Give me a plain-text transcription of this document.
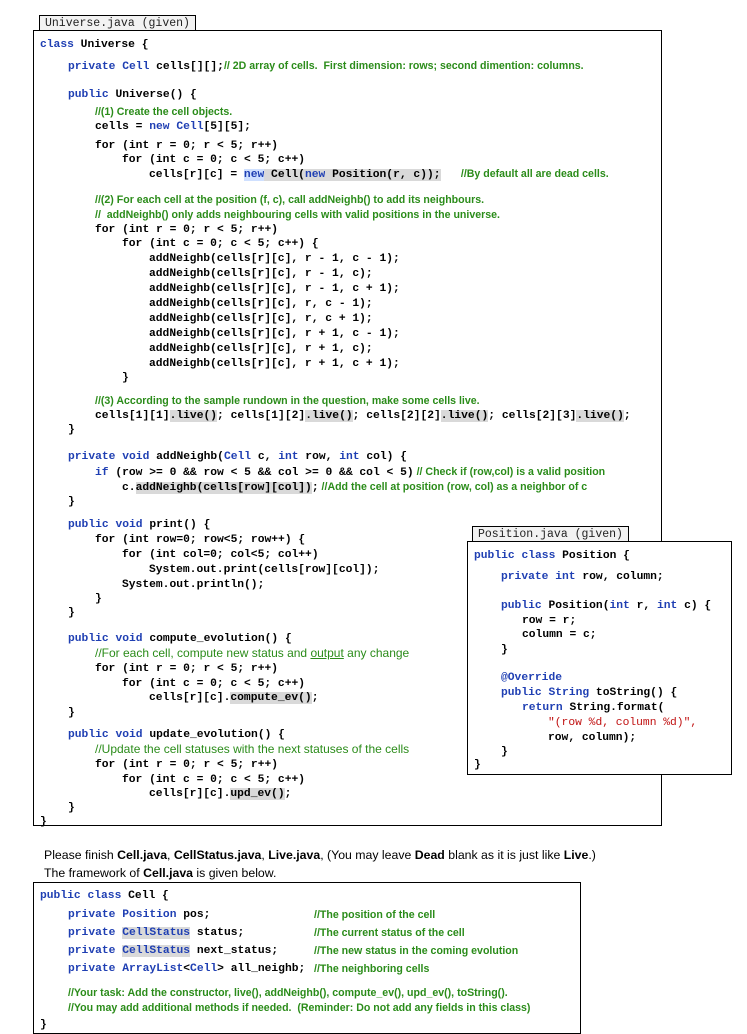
Universe.java (given)
class Universe {
private Cell cells[][];// 2D array of cells.  First dimension: rows; second dimention: columns.
public Universe() {
//(1) Create the cell objects.
cells = new Cell[5][5];
for (int r = 0; r < 5; r++)
for (int c = 0; c < 5; c++)
cells[r][c] = new Cell(new Position(r, c)); //By default all are dead cells.
//(2) For each cell at the position (f, c), call addNeighb() to add its neighbours.
//  addNeighb() only adds neighbouring cells with valid positions in the universe.
for (int r = 0; r < 5; r++)
for (int c = 0; c < 5; c++) {
addNeighb(cells[r][c], r - 1, c - 1);
addNeighb(cells[r][c], r - 1, c);
addNeighb(cells[r][c], r - 1, c + 1);
addNeighb(cells[r][c], r, c - 1);
addNeighb(cells[r][c], r, c + 1);
addNeighb(cells[r][c], r + 1, c - 1);
addNeighb(cells[r][c], r + 1, c);
addNeighb(cells[r][c], r + 1, c + 1);
}
//(3) According to the sample rundown in the question, make some cells live.
cells[1][1].live(); cells[1][2].live(); cells[2][2].live(); cells[2][3].live();
}
private void addNeighb(Cell c, int row, int col) {
if (row >= 0 && row < 5 && col >= 0 && col < 5) // Check if (row,col) is a valid position
c.addNeighb(cells[row][col]); //Add the cell at position (row, col) as a neighbor of c
}
public void print() {
for (int row=0; row<5; row++) {
for (int col=0; col<5; col++)
System.out.print(cells[row][col]);
System.out.println();
}
}
public void compute_evolution() {
//For each cell, compute new status and output any change
for (int r = 0; r < 5; r++)
for (int c = 0; c < 5; c++)
cells[r][c].compute_ev();
}
public void update_evolution() {
//Update the cell statuses with the next statuses of the cells
for (int r = 0; r < 5; r++)
for (int c = 0; c < 5; c++)
cells[r][c].upd_ev();
}
}
Position.java (given)
public class Position {
private int row, column;
public Position(int r, int c) {
row = r;
column = c;
}
@Override
public String toString() {
return String.format(
"(row %d, column %d)",
row, column);
}
}
Please finish Cell.java, CellStatus.java, Live.java, (You may leave Dead blank as it is just like Live.)
The framework of Cell.java is given below.
public class Cell {
private Position pos;	//The position of the cell
private CellStatus status;	//The current status of the cell
private CellStatus next_status;	//The new status in the coming evolution
private ArrayList<Cell> all_neighb; //The neighboring cells
//Your task: Add the constructor, live(), addNeighb(), compute_ev(), upd_ev(), toString().
//You may add additional methods if needed.  (Reminder: Do not add any fields in this class)
}
